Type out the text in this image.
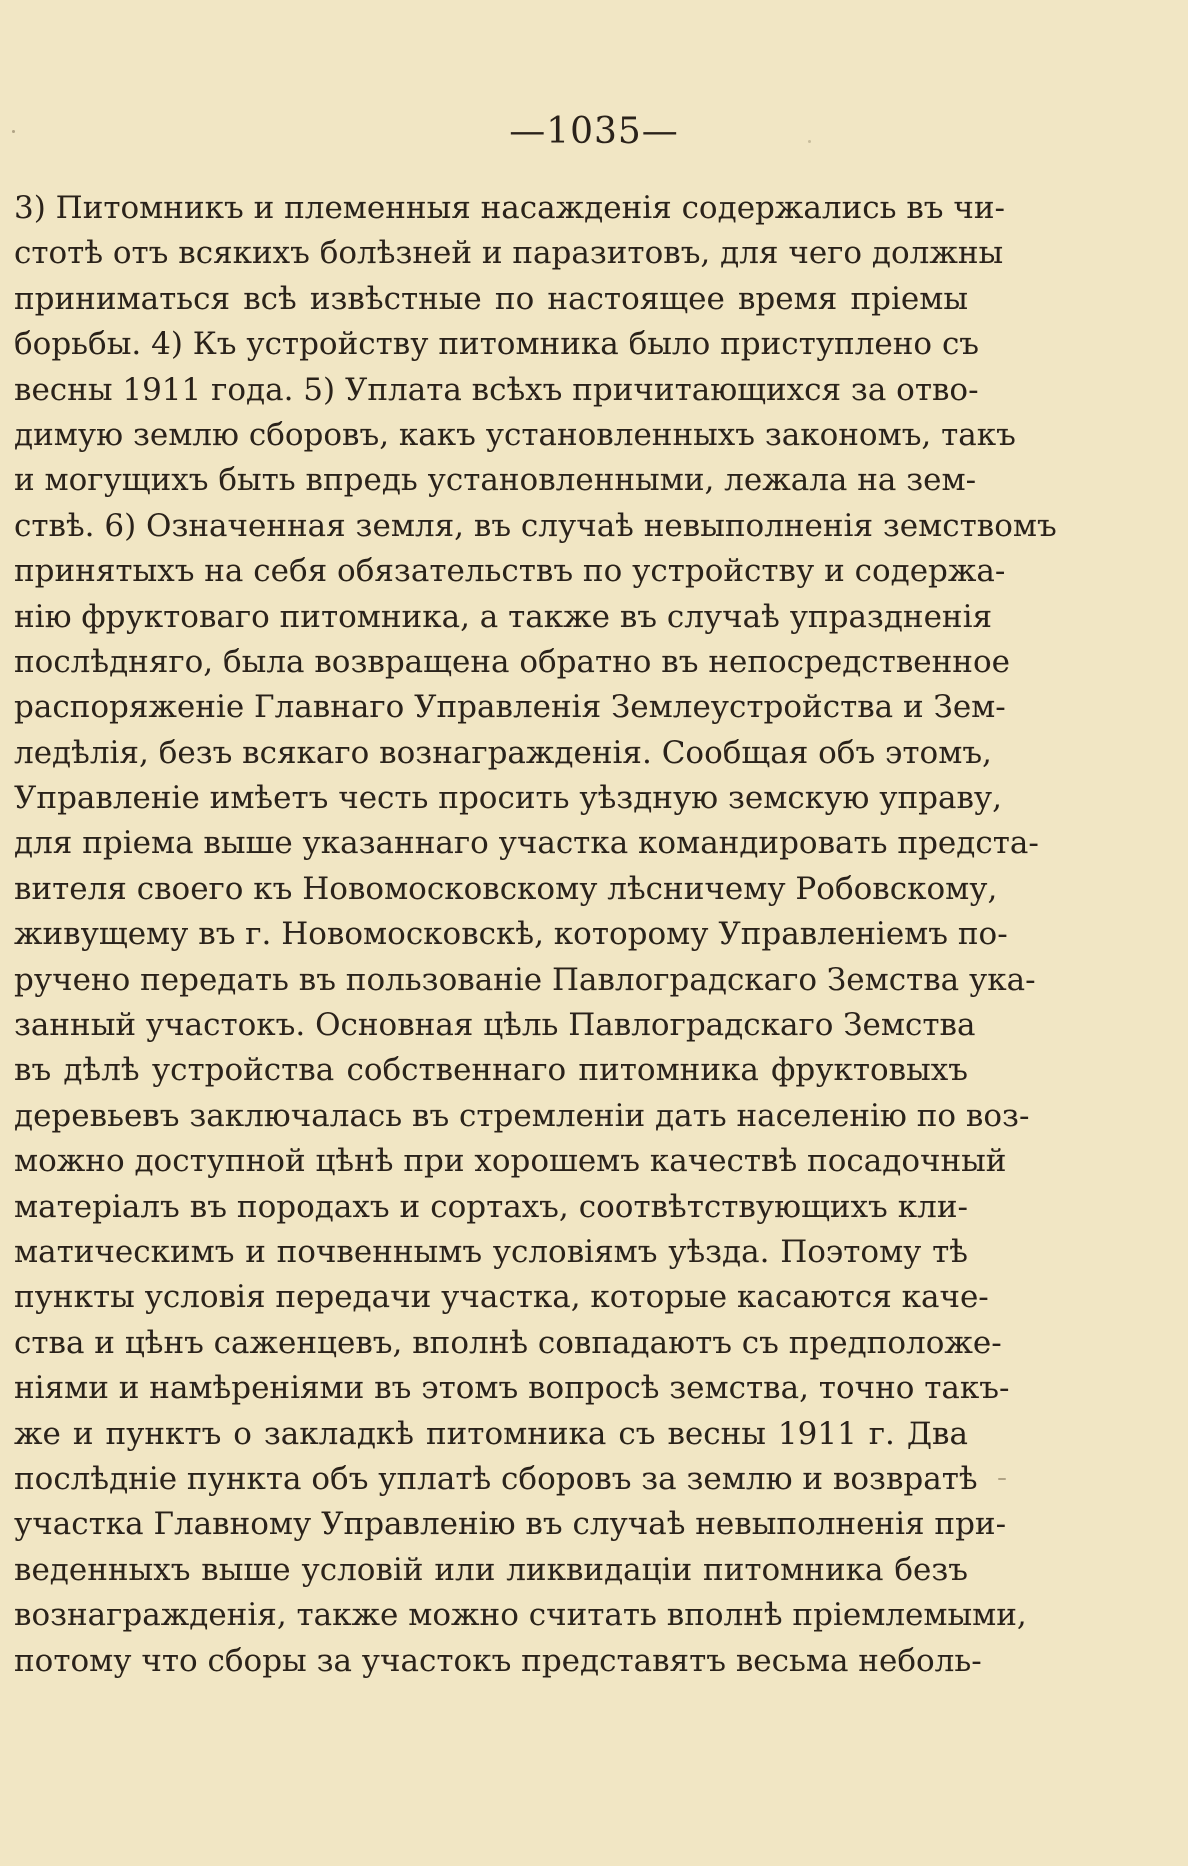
—1035—
3) Питомникъ и племенныя насажденія содержались въ чи-
стотѣ отъ всякихъ болѣзней и паразитовъ, для чего должны
приниматься всѣ извѣстные по настоящее время пріемы
борьбы. 4) Къ устройству питомника было приступлено съ
весны 1911 года. 5) Уплата всѣхъ причитающихся за отво-
димую землю сборовъ, какъ установленныхъ закономъ, такъ
и могущихъ быть впредь установленными, лежала на зем-
ствѣ. 6) Означенная земля, въ случаѣ невыполненія земствомъ
принятыхъ на себя обязательствъ по устройству и содержа-
нію фруктоваго питомника, а также въ случаѣ упраздненія
послѣдняго, была возвращена обратно въ непосредственное
распоряженіе Главнаго Управленія Землеустройства и Зем-
ледѣлія, безъ всякаго вознагражденія. Сообщая объ этомъ,
Управленіе имѣетъ честь просить уѣздную земскую управу,
для пріема выше указаннаго участка командировать предста-
вителя своего къ Новомосковскому лѣсничему Робовскому,
живущему въ г. Новомосковскѣ, которому Управленіемъ по-
ручено передать въ пользованіе Павлоградскаго Земства ука-
занный участокъ. Основная цѣль Павлоградскаго Земства
въ дѣлѣ устройства собственнаго питомника фруктовыхъ
деревьевъ заключалась въ стремленіи дать населенію по воз-
можно доступной цѣнѣ при хорошемъ качествѣ посадочный
матеріалъ въ породахъ и сортахъ, соотвѣтствующихъ кли-
матическимъ и почвеннымъ условіямъ уѣзда. Поэтому тѣ
пункты условія передачи участка, которые касаются каче-
ства и цѣнъ саженцевъ, вполнѣ совпадаютъ съ предположе-
ніями и намѣреніями въ этомъ вопросѣ земства, точно такъ-
же и пунктъ о закладкѣ питомника съ весны 1911 г. Два
послѣдніе пункта объ уплатѣ сборовъ за землю и возвратѣ
участка Главному Управленію въ случаѣ невыполненія при-
веденныхъ выше условій или ликвидаціи питомника безъ
вознагражденія, также можно считать вполнѣ пріемлемыми,
потому что сборы за участокъ представятъ весьма неболь-
